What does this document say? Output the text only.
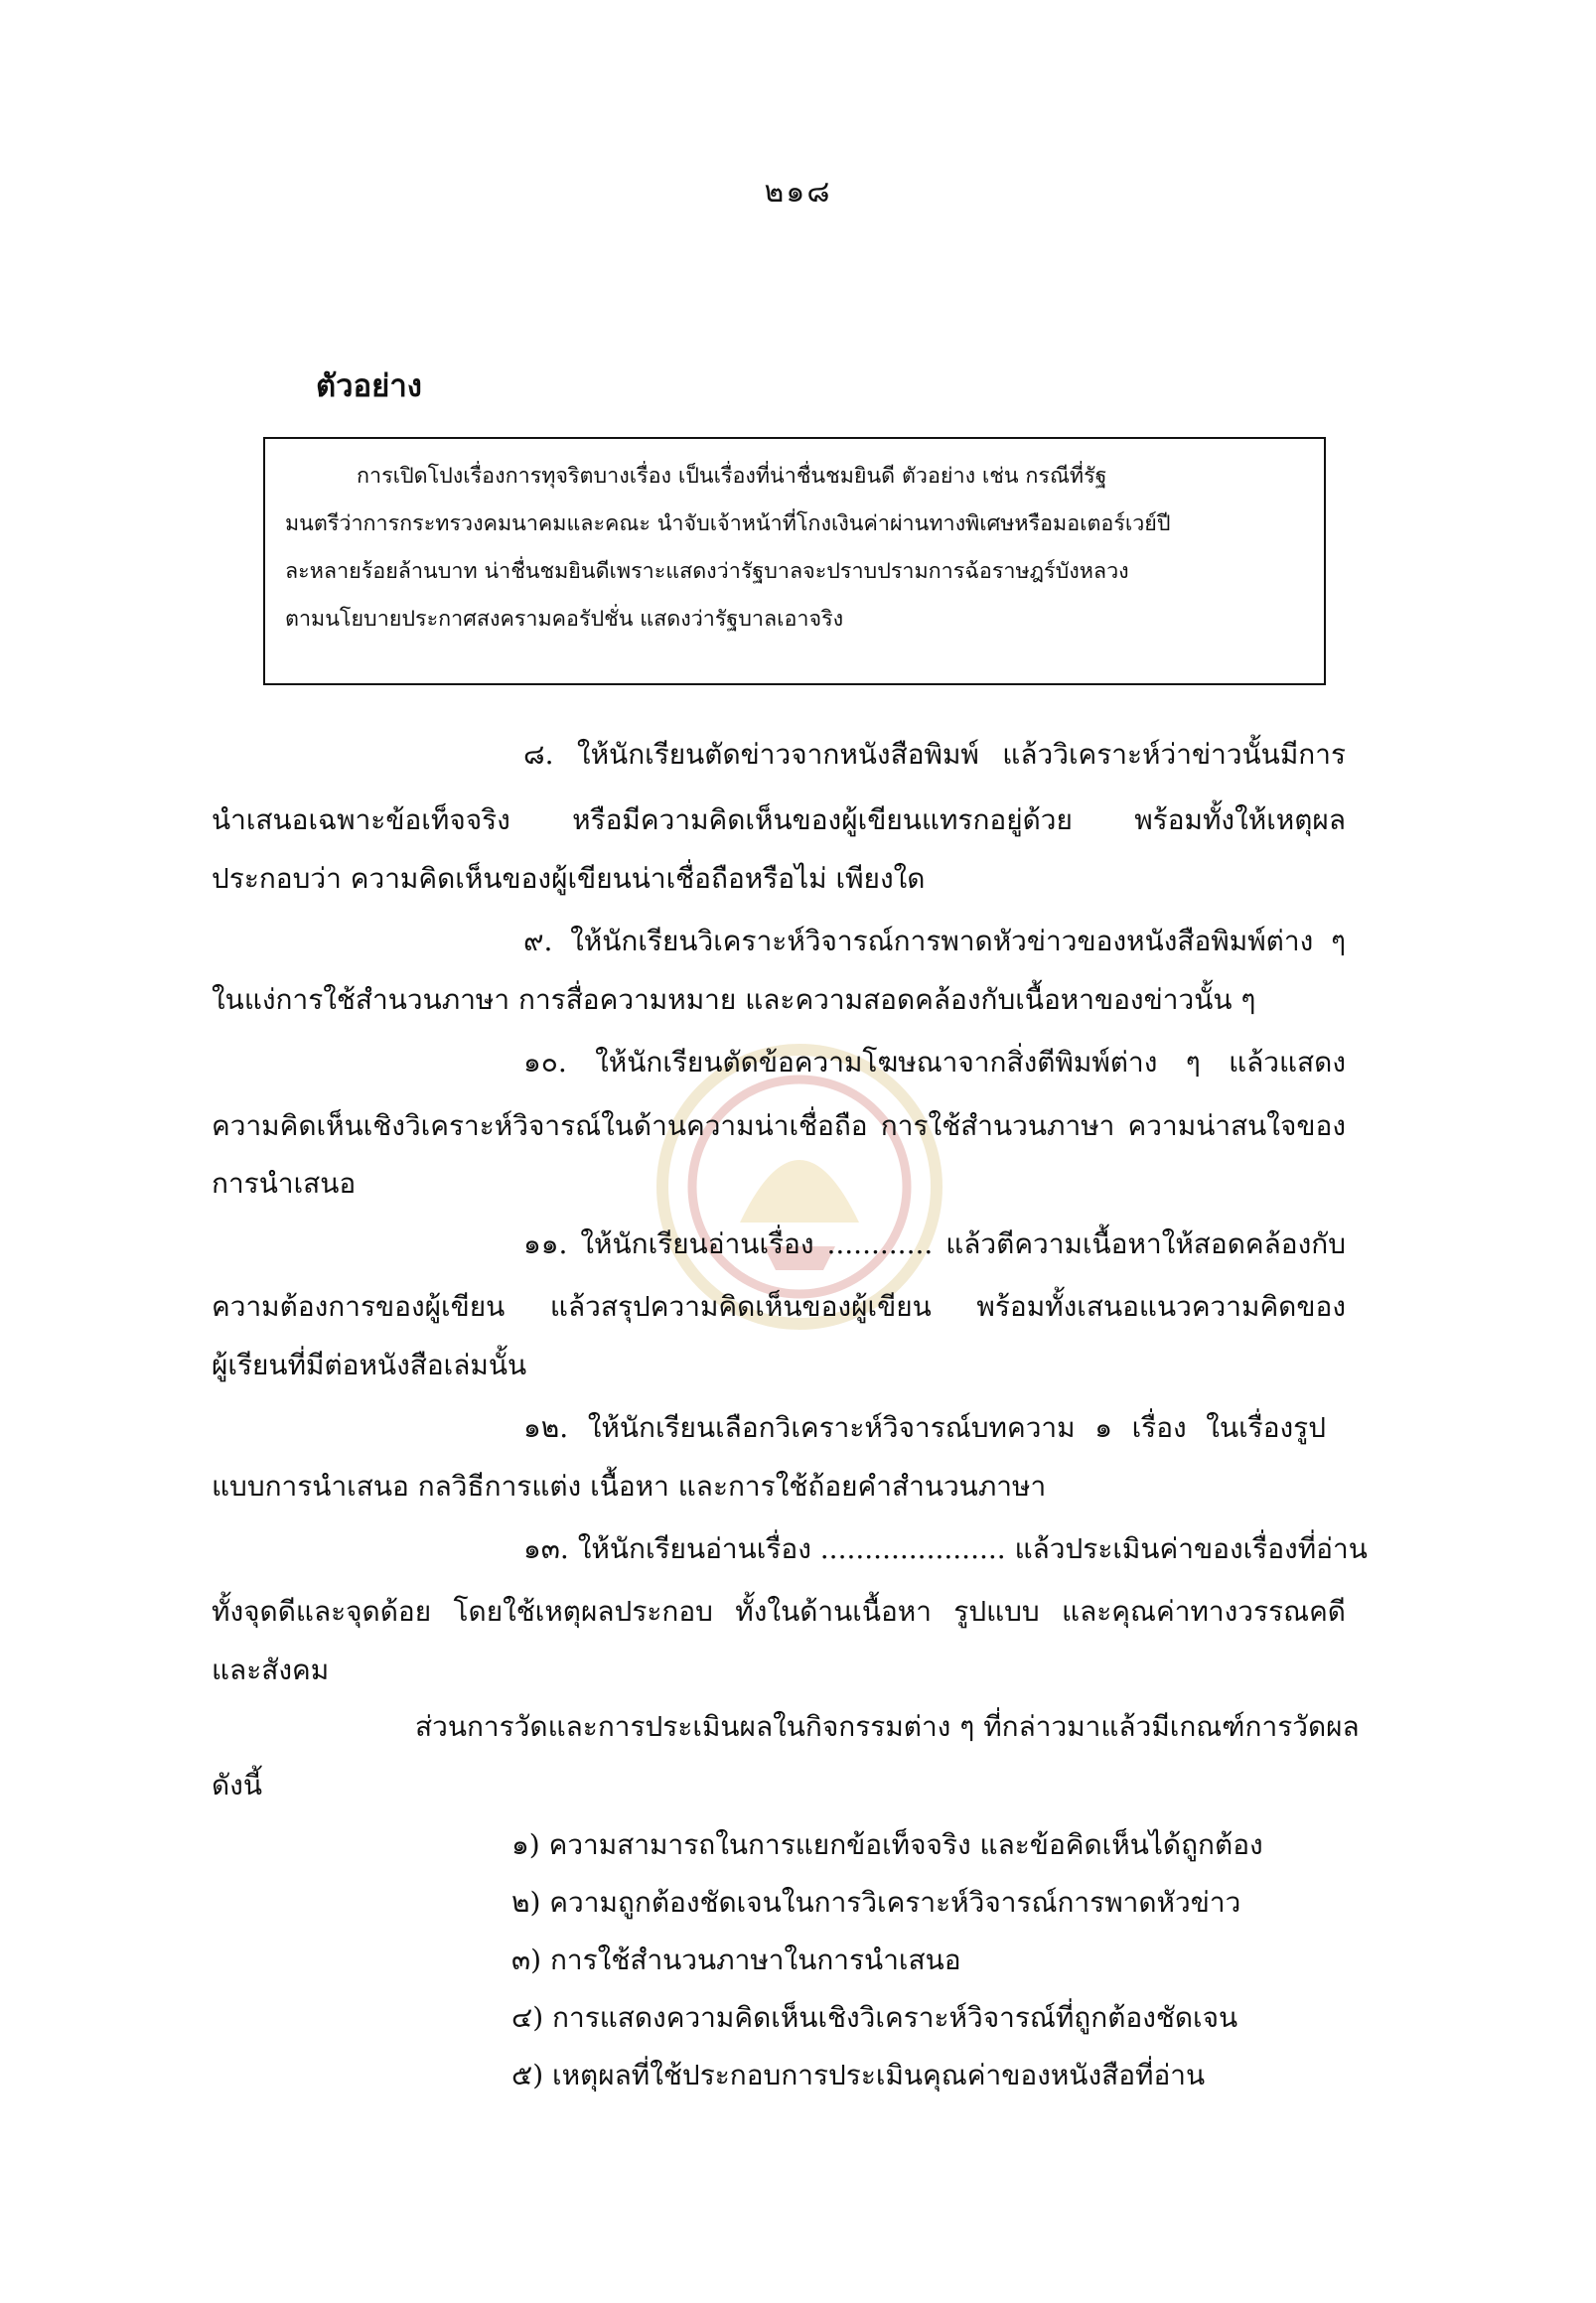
๒๑๘
ตัวอย่าง
การเปิดโปงเรื่องการทุจริตบางเรื่อง เป็นเรื่องที่น่าชื่นชมยินดี ตัวอย่าง เช่น กรณีที่รัฐ
มนตรีว่าการกระทรวงคมนาคมและคณะ นำจับเจ้าหน้าที่โกงเงินค่าผ่านทางพิเศษหรือมอเตอร์เวย์ปี
ละหลายร้อยล้านบาท น่าชื่นชมยินดีเพราะแสดงว่ารัฐบาลจะปราบปรามการฉ้อราษฎร์บังหลวง
ตามนโยบายประกาศสงครามคอรัปชั่น แสดงว่ารัฐบาลเอาจริง
๘. ให้นักเรียนตัดข่าวจากหนังสือพิมพ์ แล้ววิเคราะห์ว่าข่าวนั้นมีการ
นำเสนอเฉพาะข้อเท็จจริง หรือมีความคิดเห็นของผู้เขียนแทรกอยู่ด้วย พร้อมทั้งให้เหตุผล
ประกอบว่า ความคิดเห็นของผู้เขียนน่าเชื่อถือหรือไม่ เพียงใด
๙. ให้นักเรียนวิเคราะห์วิจารณ์การพาดหัวข่าวของหนังสือพิมพ์ต่าง ๆ
ในแง่การใช้สำนวนภาษา การสื่อความหมาย และความสอดคล้องกับเนื้อหาของข่าวนั้น ๆ
๑๐. ให้นักเรียนตัดข้อความโฆษณาจากสิ่งตีพิมพ์ต่าง ๆ แล้วแสดง
ความคิดเห็นเชิงวิเคราะห์วิจารณ์ในด้านความน่าเชื่อถือ การใช้สำนวนภาษา ความน่าสนใจของ
การนำเสนอ
๑๑. ให้นักเรียนอ่านเรื่อง ............ แล้วตีความเนื้อหาให้สอดคล้องกับ
ความต้องการของผู้เขียน แล้วสรุปความคิดเห็นของผู้เขียน พร้อมทั้งเสนอแนวความคิดของ
ผู้เรียนที่มีต่อหนังสือเล่มนั้น
๑๒. ให้นักเรียนเลือกวิเคราะห์วิจารณ์บทความ ๑ เรื่อง ในเรื่องรูป
แบบการนำเสนอ กลวิธีการแต่ง เนื้อหา และการใช้ถ้อยคำสำนวนภาษา
๑๓. ให้นักเรียนอ่านเรื่อง ..................... แล้วประเมินค่าของเรื่องที่อ่าน
ทั้งจุดดีและจุดด้อย โดยใช้เหตุผลประกอบ ทั้งในด้านเนื้อหา รูปแบบ และคุณค่าทางวรรณคดี
และสังคม
ส่วนการวัดและการประเมินผลในกิจกรรมต่าง ๆ ที่กล่าวมาแล้วมีเกณฑ์การวัดผล
ดังนี้
๑) ความสามารถในการแยกข้อเท็จจริง และข้อคิดเห็นได้ถูกต้อง
๒) ความถูกต้องชัดเจนในการวิเคราะห์วิจารณ์การพาดหัวข่าว
๓) การใช้สำนวนภาษาในการนำเสนอ
๔) การแสดงความคิดเห็นเชิงวิเคราะห์วิจารณ์ที่ถูกต้องชัดเจน
๕) เหตุผลที่ใช้ประกอบการประเมินคุณค่าของหนังสือที่อ่าน
